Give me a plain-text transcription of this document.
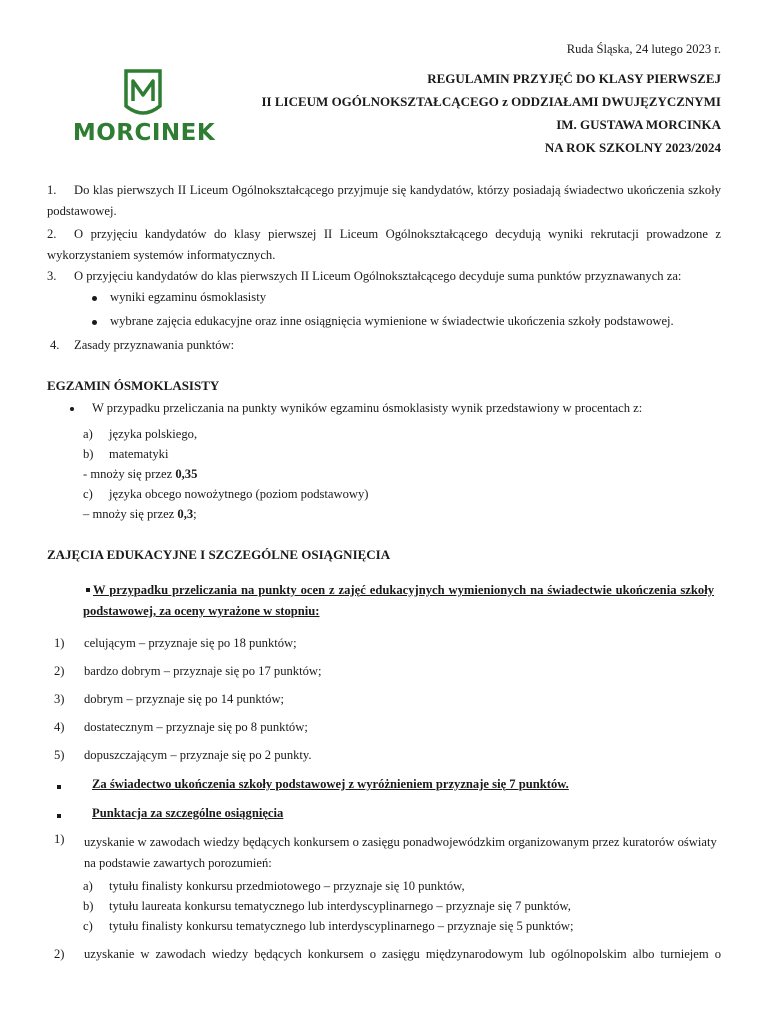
Ruda Śląska, 24 lutego 2023 r.
MORCINEK
REGULAMIN PRZYJĘĆ DO KLASY PIERWSZEJ
II LICEUM OGÓLNOKSZTAŁCĄCEGO z ODDZIAŁAMI DWUJĘZYCZNYMI
IM. GUSTAWA MORCINKA
NA ROK SZKOLNY 2023/2024
1. Do klas pierwszych II Liceum Ogólnokształcącego przyjmuje się kandydatów, którzy posiadają świadectwo ukończenia szkoły podstawowej.
2. O przyjęciu kandydatów do klasy pierwszej II Liceum Ogólnokształcącego decydują wyniki rekrutacji prowadzone z wykorzystaniem systemów informatycznych.
3. O przyjęciu kandydatów do klas pierwszych II Liceum Ogólnokształcącego decyduje suma punktów przyznawanych za:
wyniki egzaminu ósmoklasisty
wybrane zajęcia edukacyjne oraz inne osiągnięcia wymienione w świadectwie ukończenia szkoły podstawowej.
4. Zasady przyznawania punktów:
EGZAMIN ÓSMOKLASISTY
W przypadku przeliczania na punkty wyników egzaminu ósmoklasisty wynik przedstawiony w procentach z:
a) języka polskiego,
b) matematyki
- mnoży się przez 0,35
c) języka obcego nowożytnego (poziom podstawowy)
– mnoży się przez 0,3;
ZAJĘCIA EDUKACYJNE I SZCZEGÓLNE OSIĄGNIĘCIA
W przypadku przeliczania na punkty ocen z zajęć edukacyjnych wymienionych na świadectwie ukończenia szkoły podstawowej, za oceny wyrażone w stopniu:
1) celującym – przyznaje się po 18 punktów;
2) bardzo dobrym – przyznaje się po 17 punktów;
3) dobrym – przyznaje się po 14 punktów;
4) dostatecznym – przyznaje się po 8 punktów;
5) dopuszczającym – przyznaje się po 2 punkty.
Za świadectwo ukończenia szkoły podstawowej z wyróżnieniem przyznaje się 7 punktów.
Punktacja za szczególne osiągnięcia
1) uzyskanie w zawodach wiedzy będących konkursem o zasięgu ponadwojewódzkim organizowanym przez kuratorów oświaty na podstawie zawartych porozumień:
a) tytułu finalisty konkursu przedmiotowego – przyznaje się 10 punktów,
b) tytułu laureata konkursu tematycznego lub interdyscyplinarnego – przyznaje się 7 punktów,
c) tytułu finalisty konkursu tematycznego lub interdyscyplinarnego – przyznaje się 5 punktów;
2) uzyskanie w zawodach wiedzy będących konkursem o zasięgu międzynarodowym lub ogólnopolskim albo turniejem o
